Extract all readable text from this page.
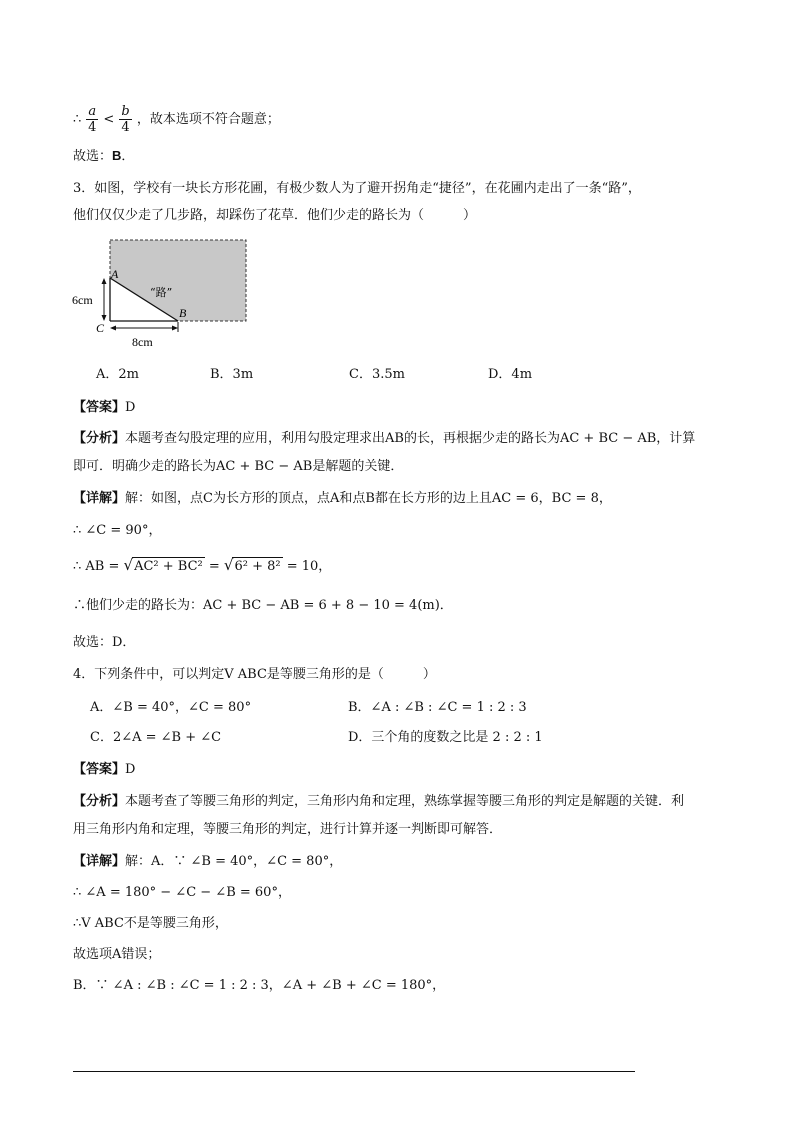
∴ $\frac{a}{4} < \frac{b}{4}$ ，故本选项不符合题意；
故选：B．
3．如图，学校有一块长方形花圃，有极少数人为了避开拐角走“捷径”，在花圃内走出了一条“路”，
他们仅仅少走了几步路，却踩伤了花草．他们少走的路长为（　　　）
A
B
C
“路”
6cm
8cm
A．2m	B．3m	C．3.5m	D．4m
【答案】D
【分析】本题考查勾股定理的应用，利用勾股定理求出AB的长，再根据少走的路长为AC + BC − AB，计算
即可．明确少走的路长为AC + BC − AB是解题的关键．
【详解】解：如图，点C为长方形的顶点，点A和点B都在长方形的边上且AC = 6，BC = 8，
∴ ∠C = 90°，
∴ AB = √AC² + BC² = √6² + 8² = 10，
∴他们少走的路长为：AC + BC − AB = 6 + 8 − 10 = 4(m)．
故选：D．
4．下列条件中，可以判定V ABC是等腰三角形的是（　　　）
A．∠B = 40°，∠C = 80°	B．∠A : ∠B : ∠C = 1 : 2 : 3
C．2∠A = ∠B + ∠C	D．三个角的度数之比是 2 : 2 : 1
【答案】D
【分析】本题考查了等腰三角形的判定，三角形内角和定理，熟练掌握等腰三角形的判定是解题的关键．利
用三角形内角和定理，等腰三角形的判定，进行计算并逐一判断即可解答．
【详解】解：A．∵ ∠B = 40°，∠C = 80°，
∴ ∠A = 180° − ∠C − ∠B = 60°，
∴V ABC不是等腰三角形，
故选项A错误；
B．∵ ∠A : ∠B : ∠C = 1 : 2 : 3，∠A + ∠B + ∠C = 180°，
